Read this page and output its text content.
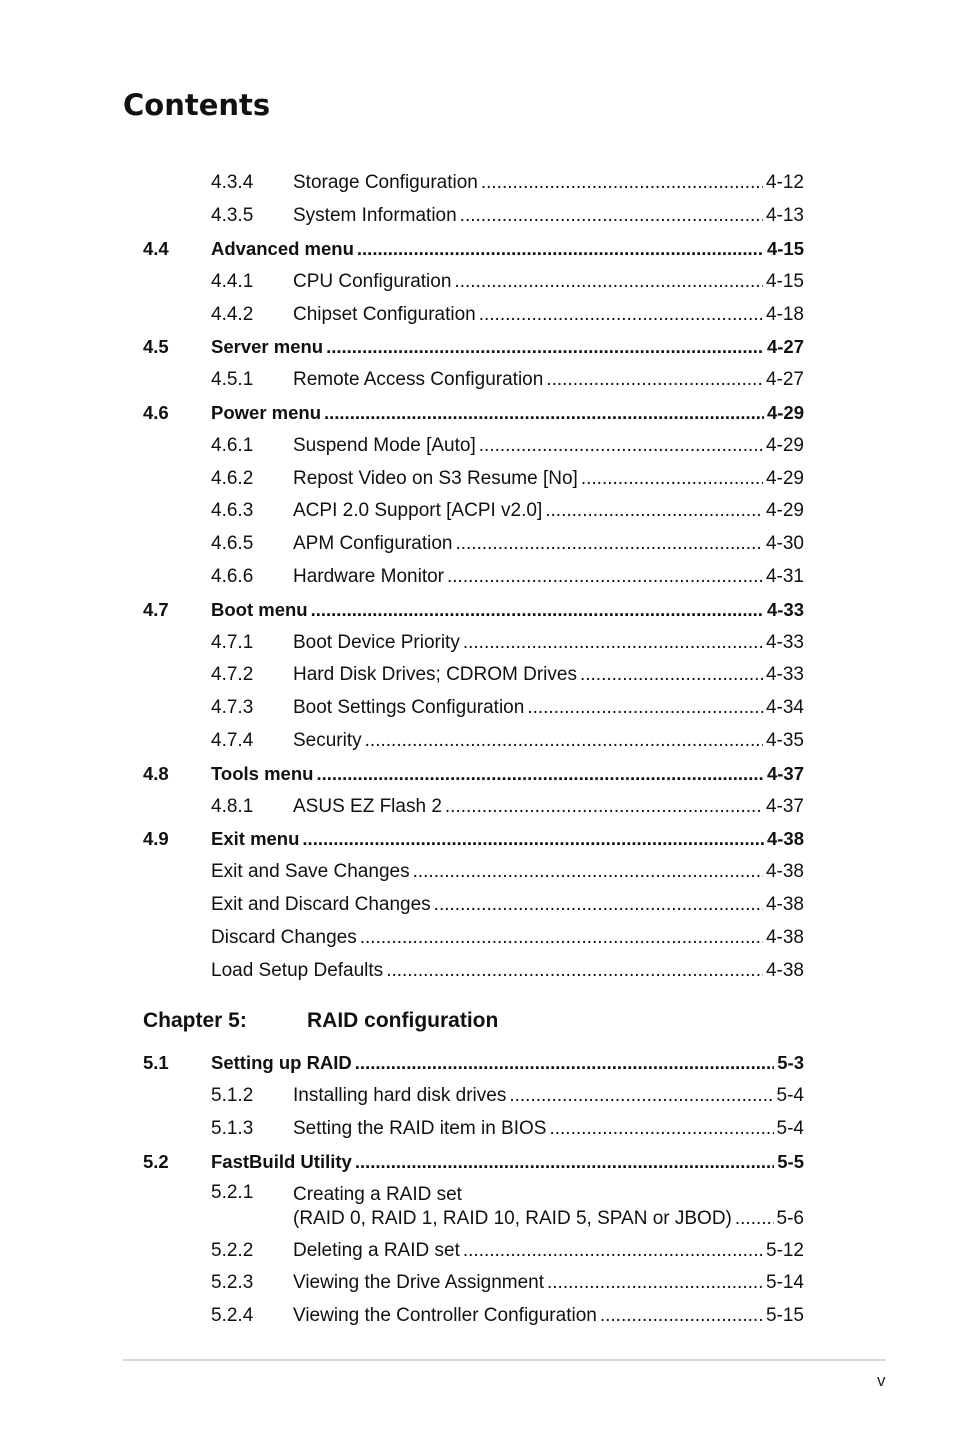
Contents
4.3.4 Storage Configuration .....	4-12
4.3.5 System Information .....	4-13
4.4 Advanced menu .....	4-15
4.4.1 CPU Configuration .....	4-15
4.4.2 Chipset Configuration .....	4-18
4.5 Server menu .....	4-27
4.5.1 Remote Access Configuration .....	4-27
4.6 Power menu .....	4-29
4.6.1 Suspend Mode [Auto] .....	4-29
4.6.2 Repost Video on S3 Resume [No] .....	4-29
4.6.3 ACPI 2.0 Support [ACPI v2.0] .....	4-29
4.6.5 APM Configuration .....	4-30
4.6.6 Hardware Monitor .....	4-31
4.7 Boot menu .....	4-33
4.7.1 Boot Device Priority .....	4-33
4.7.2 Hard Disk Drives; CDROM Drives .....	4-33
4.7.3 Boot Settings Configuration .....	4-34
4.7.4 Security .....	4-35
4.8 Tools menu .....	4-37
4.8.1 ASUS EZ Flash 2 .....	4-37
4.9 Exit menu .....	4-38
Exit and Save Changes .....	4-38
Exit and Discard Changes .....	4-38
Discard Changes .....	4-38
Load Setup Defaults .....	4-38
Chapter 5:	RAID configuration
5.1 Setting up RAID .....	5-3
5.1.2 Installing hard disk drives .....	5-4
5.1.3 Setting the RAID item in BIOS .....	5-4
5.2 FastBuild Utility .....	5-5
5.2.1 Creating a RAID set
(RAID 0, RAID 1, RAID 10, RAID 5, SPAN or JBOD) ..... 5-6
5.2.2 Deleting a RAID set .....	5-12
5.2.3 Viewing the Drive Assignment .....	5-14
5.2.4 Viewing the Controller Configuration .....	5-15
v
